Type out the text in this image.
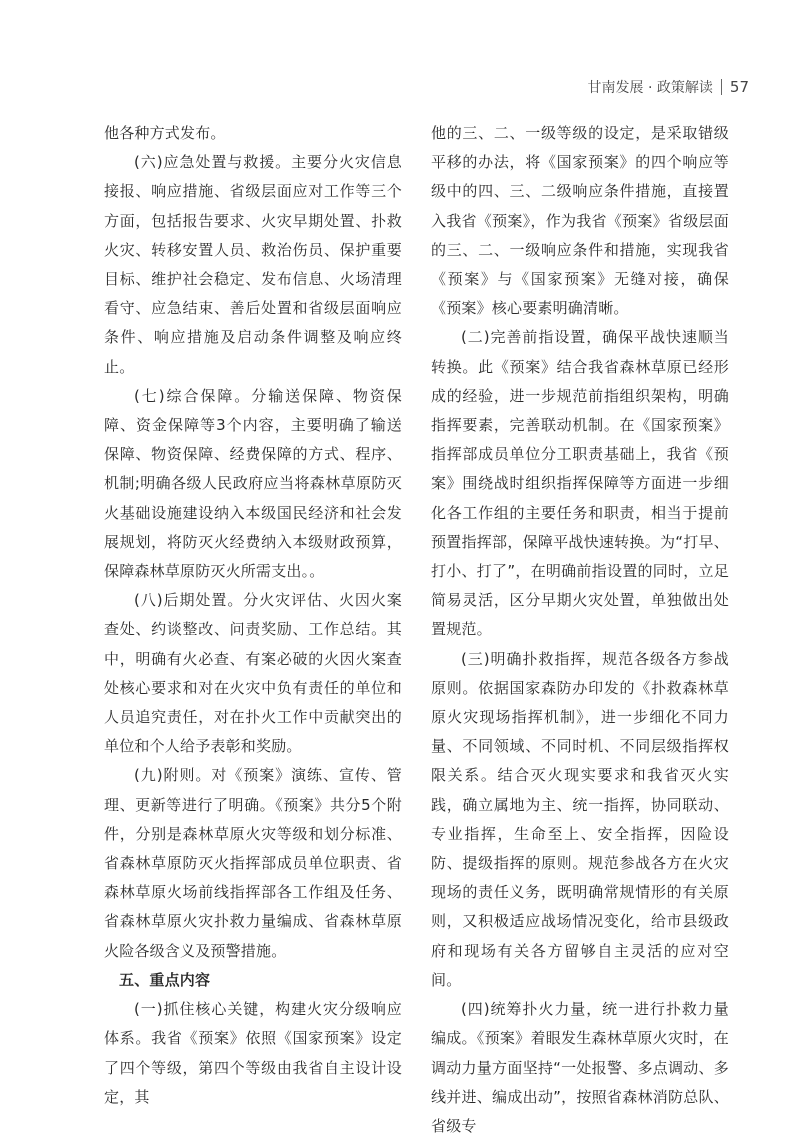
甘南发展 · 政策解读 57

他各种方式发布。

(六)应急处置与救援。主要分火灾信息接报、响应措施、省级层面应对工作等三个方面，包括报告要求、火灾早期处置、扑救火灾、转移安置人员、救治伤员、保护重要目标、维护社会稳定、发布信息、火场清理看守、应急结束、善后处置和省级层面响应条件、响应措施及启动条件调整及响应终止。

(七)综合保障。分输送保障、物资保障、资金保障等3个内容，主要明确了输送保障、物资保障、经费保障的方式、程序、机制;明确各级人民政府应当将森林草原防灭火基础设施建设纳入本级国民经济和社会发展规划，将防灭火经费纳入本级财政预算，保障森林草原防灭火所需支出。。

(八)后期处置。分火灾评估、火因火案查处、约谈整改、问责奖励、工作总结。其中，明确有火必查、有案必破的火因火案查处核心要求和对在火灾中负有责任的单位和人员追究责任，对在扑火工作中贡献突出的单位和个人给予表彰和奖励。

(九)附则。对《预案》演练、宣传、管理、更新等进行了明确。《预案》共分5个附件，分别是森林草原火灾等级和划分标准、省森林草原防灭火指挥部成员单位职责、省森林草原火场前线指挥部各工作组及任务、省森林草原火灾扑救力量编成、省森林草原火险各级含义及预警措施。

五、重点内容

(一)抓住核心关键，构建火灾分级响应体系。我省《预案》依照《国家预案》设定了四个等级，第四个等级由我省自主设计设定，其

他的三、二、一级等级的设定，是采取错级平移的办法，将《国家预案》的四个响应等级中的四、三、二级响应条件措施，直接置入我省《预案》，作为我省《预案》省级层面的三、二、一级响应条件和措施，实现我省《预案》与《国家预案》无缝对接，确保《预案》核心要素明确清晰。

(二)完善前指设置，确保平战快速顺当转换。此《预案》结合我省森林草原已经形成的经验，进一步规范前指组织架构，明确指挥要素，完善联动机制。在《国家预案》指挥部成员单位分工职责基础上，我省《预案》围绕战时组织指挥保障等方面进一步细化各工作组的主要任务和职责，相当于提前预置指挥部，保障平战快速转换。为“打早、打小、打了”，在明确前指设置的同时，立足简易灵活，区分早期火灾处置，单独做出处置规范。

(三)明确扑救指挥，规范各级各方参战原则。依据国家森防办印发的《扑救森林草原火灾现场指挥机制》，进一步细化不同力量、不同领域、不同时机、不同层级指挥权限关系。结合灭火现实要求和我省灭火实践，确立属地为主、统一指挥，协同联动、专业指挥，生命至上、安全指挥，因险设防、提级指挥的原则。规范参战各方在火灾现场的责任义务，既明确常规情形的有关原则，又积极适应战场情况变化，给市县级政府和现场有关各方留够自主灵活的应对空间。

(四)统筹扑火力量，统一进行扑救力量编成。《预案》着眼发生森林草原火灾时，在调动力量方面坚持“一处报警、多点调动、多线并进、编成出动”，按照省森林消防总队、省级专
